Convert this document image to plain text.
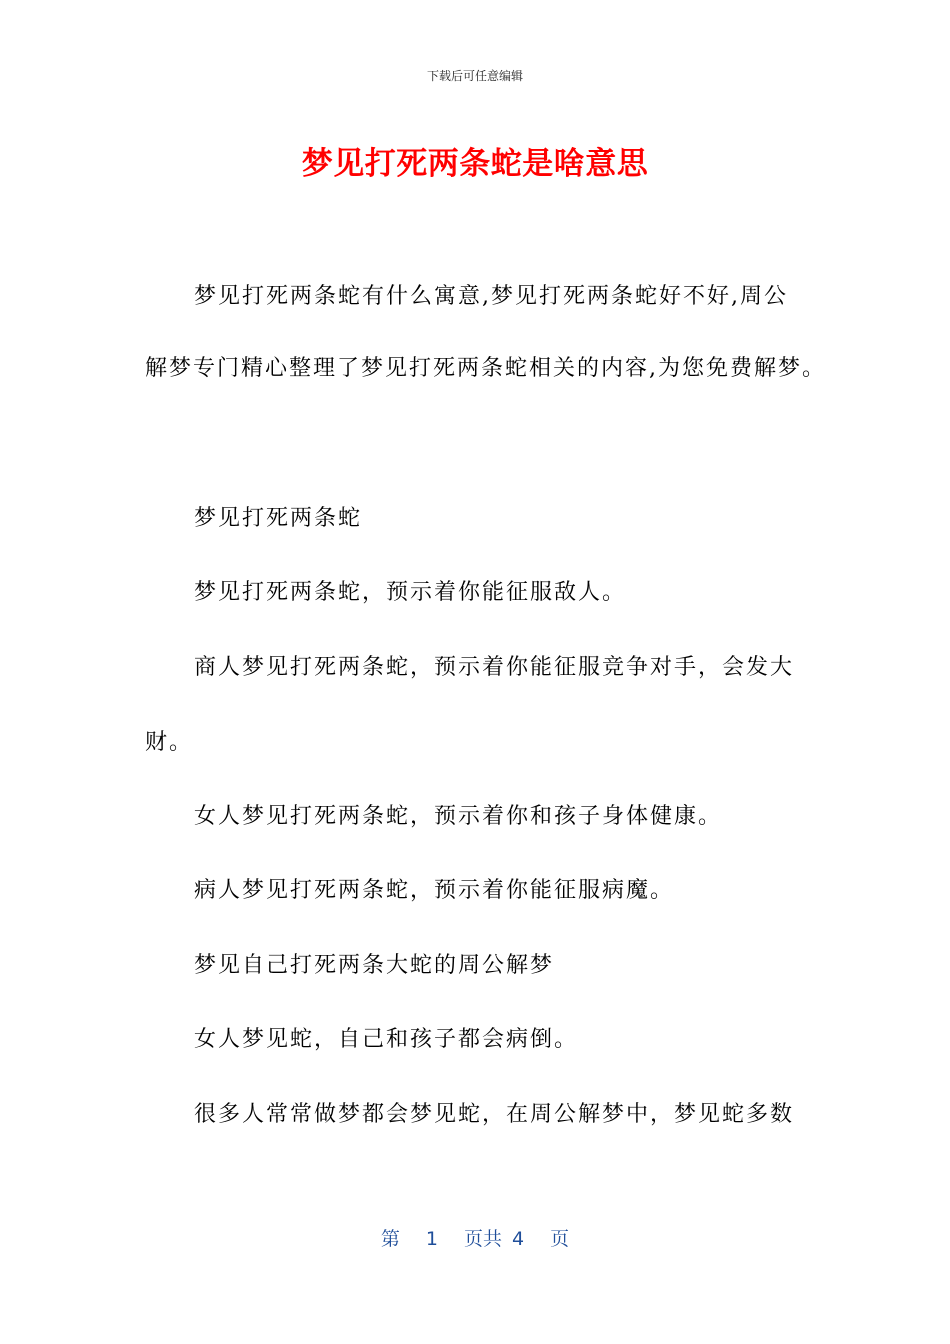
下载后可任意编辑
梦见打死两条蛇是啥意思
梦见打死两条蛇有什么寓意,梦见打死两条蛇好不好,周公
解梦专门精心整理了梦见打死两条蛇相关的内容,为您免费解梦。
梦见打死两条蛇
梦见打死两条蛇，预示着你能征服敌人。
商人梦见打死两条蛇，预示着你能征服竞争对手，会发大
财。
女人梦见打死两条蛇，预示着你和孩子身体健康。
病人梦见打死两条蛇，预示着你能征服病魔。
梦见自己打死两条大蛇的周公解梦
女人梦见蛇，自己和孩子都会病倒。
很多人常常做梦都会梦见蛇，在周公解梦中，梦见蛇多数
第 1 页共 4 页
